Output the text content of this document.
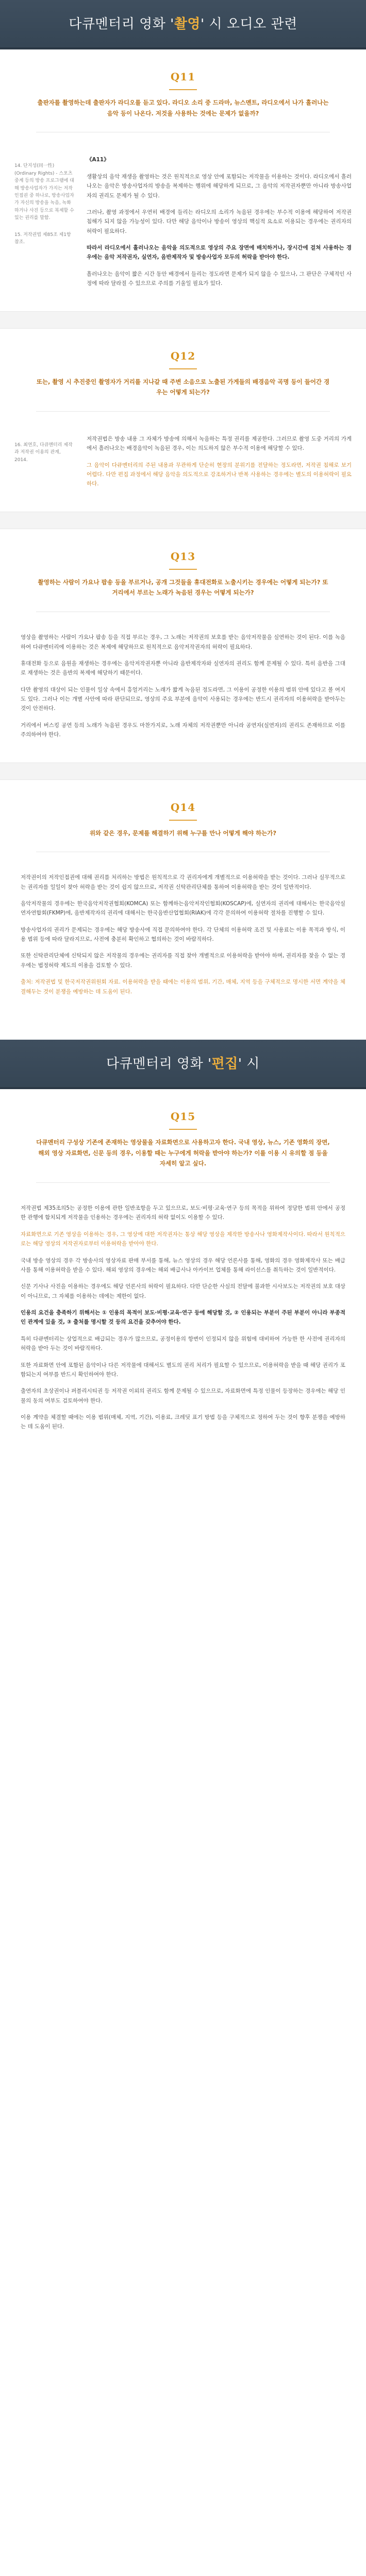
다큐멘터리 영화 '촬영' 시 오디오 관련
Q11
출판자를 촬영하는데 출판자가 라디오를 듣고 있다. 라디오 소리 중 드라마, 뉴스멘트, 라디오에서 나가 흘러나는 음악 등이 나온다. 저것을 사용하는 것에는 문제가 없을까?

14. 단지성(同一性)(Ordinary Rights) - 스포츠중계 등의 방송 프로그램에 대해 방송사업자가 가지는 저작인접권 중 하나로, 방송사업자가 자신의 방송을 녹음, 녹화하거나 사진 등으로 복제할 수 있는 권리를 말함.

15. 저작권법 제85조 제1항 참조.

《A11》

생활상의 음악 재생을 촬영하는 것은 원칙적으로 영상 안에 포함되는 저작물을 이용하는 것이다. 라디오에서 흘러나오는 음악은 방송사업자의 방송을 복제하는 행위에 해당하게 되므로, 그 음악의 저작권자뿐만 아니라 방송사업자의 권리도 문제가 될 수 있다.

그러나, 촬영 과정에서 우연히 배경에 들리는 라디오의 소리가 녹음된 경우에는 부수적 이용에 해당하여 저작권 침해가 되지 않을 가능성이 있다. 다만 해당 음악이나 방송이 영상의 핵심적 요소로 이용되는 경우에는 권리자의 허락이 필요하다.

따라서 라디오에서 흘러나오는 음악을 의도적으로 영상의 주요 장면에 배치하거나, 장시간에 걸쳐 사용하는 경우에는 음악 저작권자, 실연자, 음반제작자 및 방송사업자 모두의 허락을 받아야 한다.

흘러나오는 음악이 짧은 시간 동안 배경에서 들리는 정도라면 문제가 되지 않을 수 있으나, 그 판단은 구체적인 사정에 따라 달라질 수 있으므로 주의를 기울일 필요가 있다.

Q12
또는, 촬영 시 추진중인 촬영자가 거리를 지나갈 때 주변 소음으로 노출된 가게들의 배경음악 곡명 등이 들어간 경우는 어떻게 되는가?

16. 최연호, 다큐멘터리 제작과 저작권 이용의 관계, 2014.

저작권법은 방송 내용 그 자체가 방송에 의해서 녹음하는 특정 권리를 제공한다. 그러므로 촬영 도중 거리의 가게에서 흘러나오는 배경음악이 녹음된 경우, 이는 의도하지 않은 부수적 이용에 해당할 수 있다.

그 음악이 다큐멘터리의 주된 내용과 무관하게 단순히 현장의 분위기를 전달하는 정도라면, 저작권 침해로 보기 어렵다. 다만 편집 과정에서 해당 음악을 의도적으로 강조하거나 반복 사용하는 경우에는 별도의 이용허락이 필요하다.

Q13
촬영하는 사람이 가요나 팝송 등을 부르거나, 공개 그것들을 휴대전화로 노출시키는 경우에는 어떻게 되는가? 또 거리에서 부르는 노래가 녹음된 경우는 어떻게 되는가?

영상을 촬영하는 사람이 가요나 팝송 등을 직접 부르는 경우, 그 노래는 저작권의 보호를 받는 음악저작물을 실연하는 것이 된다. 이를 녹음하여 다큐멘터리에 이용하는 것은 복제에 해당하므로 원칙적으로 음악저작권자의 허락이 필요하다.

휴대전화 등으로 음원을 재생하는 경우에는 음악저작권자뿐 아니라 음반제작자와 실연자의 권리도 함께 문제될 수 있다. 특히 음반을 그대로 재생하는 것은 음반의 복제에 해당하기 때문이다.

다만 촬영의 대상이 되는 인물이 일상 속에서 흥얼거리는 노래가 짧게 녹음된 정도라면, 그 이용이 공정한 이용의 범위 안에 있다고 볼 여지도 있다. 그러나 이는 개별 사안에 따라 판단되므로, 영상의 주요 부분에 음악이 사용되는 경우에는 반드시 권리자의 이용허락을 받아두는 것이 안전하다.

거리에서 버스킹 공연 등의 노래가 녹음된 경우도 마찬가지로, 노래 자체의 저작권뿐만 아니라 공연자(실연자)의 권리도 존재하므로 이를 주의하여야 한다.

Q14
위와 같은 경우, 문제를 해결하기 위해 누구를 만나 어떻게 해야 하는가?

저작권이의 저작인접권에 대해 권리를 처리하는 방법은 원칙적으로 각 권리자에게 개별적으로 이용허락을 받는 것이다. 그러나 실무적으로는 권리자를 일일이 찾아 허락을 받는 것이 쉽지 않으므로, 저작권 신탁관리단체를 통하여 이용허락을 받는 것이 일반적이다.

음악저작물의 경우에는 한국음악저작권협회(KOMCA) 또는 함께하는음악저작인협회(KOSCAP)에, 실연자의 권리에 대해서는 한국음악실연자연합회(FKMP)에, 음반제작자의 권리에 대해서는 한국음반산업협회(RIAK)에 각각 문의하여 이용허락 절차를 진행할 수 있다.

방송사업자의 권리가 문제되는 경우에는 해당 방송사에 직접 문의하여야 한다. 각 단체의 이용허락 조건 및 사용료는 이용 목적과 방식, 이용 범위 등에 따라 달라지므로, 사전에 충분히 확인하고 협의하는 것이 바람직하다.

또한 신탁관리단체에 신탁되지 않은 저작물의 경우에는 권리자를 직접 찾아 개별적으로 이용허락을 받아야 하며, 권리자를 찾을 수 없는 경우에는 법정허락 제도의 이용을 검토할 수 있다.

출처: 저작권법 및 한국저작권위원회 자료. 이용허락을 받을 때에는 이용의 범위, 기간, 매체, 지역 등을 구체적으로 명시한 서면 계약을 체결해두는 것이 분쟁을 예방하는 데 도움이 된다.

다큐멘터리 영화 '편집' 시
Q15
다큐멘터리 구성상 기존에 존재하는 영상물을 자료화면으로 사용하고자 한다. 국내 영상, 뉴스, 기존 영화의 장면, 해외 영상 자료화면, 신문 등의 경우, 이용할 때는 누구에게 허락을 받아야 하는가? 이를 이용 시 유의할 점 등을 자세히 알고 싶다.

저작권법 제35조의5는 공정한 이용에 관한 일반조항을 두고 있으므로, 보도·비평·교육·연구 등의 목적을 위하여 정당한 범위 안에서 공정한 관행에 합치되게 저작물을 인용하는 경우에는 권리자의 허락 없이도 이용할 수 있다.

자료화면으로 기존 영상을 이용하는 경우, 그 영상에 대한 저작권자는 통상 해당 영상을 제작한 방송사나 영화제작사이다. 따라서 원칙적으로는 해당 영상의 저작권자로부터 이용허락을 받아야 한다.

국내 방송 영상의 경우 각 방송사의 영상자료 판매 부서를 통해, 뉴스 영상의 경우 해당 언론사를 통해, 영화의 경우 영화제작사 또는 배급사를 통해 이용허락을 받을 수 있다. 해외 영상의 경우에는 해외 배급사나 아카이브 업체를 통해 라이선스를 취득하는 것이 일반적이다.

신문 기사나 사진을 이용하는 경우에도 해당 언론사의 허락이 필요하다. 다만 단순한 사실의 전달에 불과한 시사보도는 저작권의 보호 대상이 아니므로, 그 자체를 이용하는 데에는 제한이 없다.

인용의 요건을 충족하기 위해서는 ① 인용의 목적이 보도·비평·교육·연구 등에 해당할 것, ② 인용되는 부분이 주된 부분이 아니라 부종적인 관계에 있을 것, ③ 출처를 명시할 것 등의 요건을 갖추어야 한다.

특히 다큐멘터리는 상업적으로 배급되는 경우가 많으므로, 공정이용의 항변이 인정되지 않을 위험에 대비하여 가능한 한 사전에 권리자의 허락을 받아 두는 것이 바람직하다.

또한 자료화면 안에 포함된 음악이나 다른 저작물에 대해서도 별도의 권리 처리가 필요할 수 있으므로, 이용허락을 받을 때 해당 권리가 포함되는지 여부를 반드시 확인하여야 한다.

출연자의 초상권이나 퍼블리시티권 등 저작권 이외의 권리도 함께 문제될 수 있으므로, 자료화면에 특정 인물이 등장하는 경우에는 해당 인물의 동의 여부도 검토하여야 한다.

이용 계약을 체결할 때에는 이용 범위(매체, 지역, 기간), 이용료, 크레딧 표기 방법 등을 구체적으로 정하여 두는 것이 향후 분쟁을 예방하는 데 도움이 된다.
